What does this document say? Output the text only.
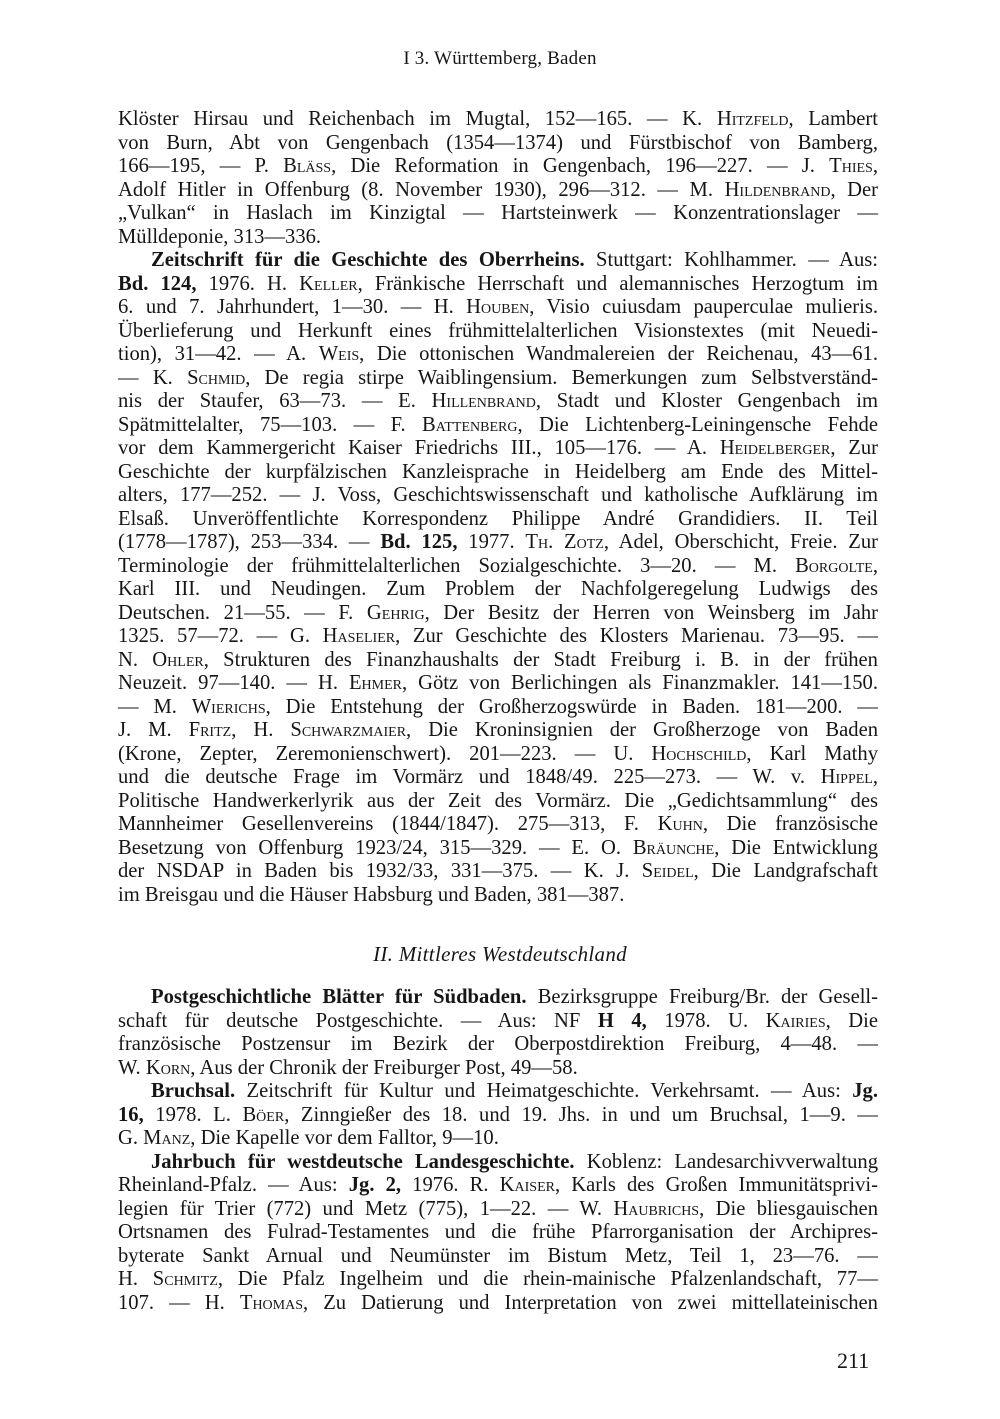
I 3. Württemberg, Baden
Klöster Hirsau und Reichenbach im Mugtal, 152—165. — K. Hitzfeld, Lambert
von Burn, Abt von Gengenbach (1354—1374) und Fürstbischof von Bamberg,
166—195, — P. Bläss, Die Reformation in Gengenbach, 196—227. — J. Thies,
Adolf Hitler in Offenburg (8. November 1930), 296—312. — M. Hildenbrand, Der
„Vulkan“ in Haslach im Kinzigtal — Hartsteinwerk — Konzentrationslager —
Mülldeponie, 313—336.
Zeitschrift für die Geschichte des Oberrheins. Stuttgart: Kohlhammer. — Aus:
Bd. 124, 1976. H. Keller, Fränkische Herrschaft und alemannisches Herzogtum im
6. und 7. Jahrhundert, 1—30. — H. Houben, Visio cuiusdam pauperculae mulieris.
Überlieferung und Herkunft eines frühmittelalterlichen Visionstextes (mit Neuedi-
tion), 31—42. — A. Weis, Die ottonischen Wandmalereien der Reichenau, 43—61.
— K. Schmid, De regia stirpe Waiblingensium. Bemerkungen zum Selbstverständ-
nis der Staufer, 63—73. — E. Hillenbrand, Stadt und Kloster Gengenbach im
Spätmittelalter, 75—103. — F. Battenberg, Die Lichtenberg-Leiningensche Fehde
vor dem Kammergericht Kaiser Friedrichs III., 105—176. — A. Heidelberger, Zur
Geschichte der kurpfälzischen Kanzleisprache in Heidelberg am Ende des Mittel-
alters, 177—252. — J. Voss, Geschichtswissenschaft und katholische Aufklärung im
Elsaß. Unveröffentlichte Korrespondenz Philippe André Grandidiers. II. Teil
(1778—1787), 253—334. — Bd. 125, 1977. Th. Zotz, Adel, Oberschicht, Freie. Zur
Terminologie der frühmittelalterlichen Sozialgeschichte. 3—20. — M. Borgolte,
Karl III. und Neudingen. Zum Problem der Nachfolgeregelung Ludwigs des
Deutschen. 21—55. — F. Gehrig, Der Besitz der Herren von Weinsberg im Jahr
1325. 57—72. — G. Haselier, Zur Geschichte des Klosters Marienau. 73—95. —
N. Ohler, Strukturen des Finanzhaushalts der Stadt Freiburg i. B. in der frühen
Neuzeit. 97—140. — H. Ehmer, Götz von Berlichingen als Finanzmakler. 141—150.
— M. Wierichs, Die Entstehung der Großherzogswürde in Baden. 181—200. —
J. M. Fritz, H. Schwarzmaier, Die Kroninsignien der Großherzoge von Baden
(Krone, Zepter, Zeremonienschwert). 201—223. — U. Hochschild, Karl Mathy
und die deutsche Frage im Vormärz und 1848/49. 225—273. — W. v. Hippel,
Politische Handwerkerlyrik aus der Zeit des Vormärz. Die „Gedichtsammlung“ des
Mannheimer Gesellenvereins (1844/1847). 275—313, F. Kuhn, Die französische
Besetzung von Offenburg 1923/24, 315—329. — E. O. Bräunche, Die Entwicklung
der NSDAP in Baden bis 1932/33, 331—375. — K. J. Seidel, Die Landgrafschaft
im Breisgau und die Häuser Habsburg und Baden, 381—387.
II. Mittleres Westdeutschland
Postgeschichtliche Blätter für Südbaden. Bezirksgruppe Freiburg/Br. der Gesell-
schaft für deutsche Postgeschichte. — Aus: NF H 4, 1978. U. Kairies, Die
französische Postzensur im Bezirk der Oberpostdirektion Freiburg, 4—48. —
W. Korn, Aus der Chronik der Freiburger Post, 49—58.
Bruchsal. Zeitschrift für Kultur und Heimatgeschichte. Verkehrsamt. — Aus: Jg.
16, 1978. L. Böer, Zinngießer des 18. und 19. Jhs. in und um Bruchsal, 1—9. —
G. Manz, Die Kapelle vor dem Falltor, 9—10.
Jahrbuch für westdeutsche Landesgeschichte. Koblenz: Landesarchivverwaltung
Rheinland-Pfalz. — Aus: Jg. 2, 1976. R. Kaiser, Karls des Großen Immunitätsprivi-
legien für Trier (772) und Metz (775), 1—22. — W. Haubrichs, Die bliesgauischen
Ortsnamen des Fulrad-Testamentes und die frühe Pfarrorganisation der Archipres-
byterate Sankt Arnual und Neumünster im Bistum Metz, Teil 1, 23—76. —
H. Schmitz, Die Pfalz Ingelheim und die rhein-mainische Pfalzenlandschaft, 77—
107. — H. Thomas, Zu Datierung und Interpretation von zwei mittellateinischen
211
